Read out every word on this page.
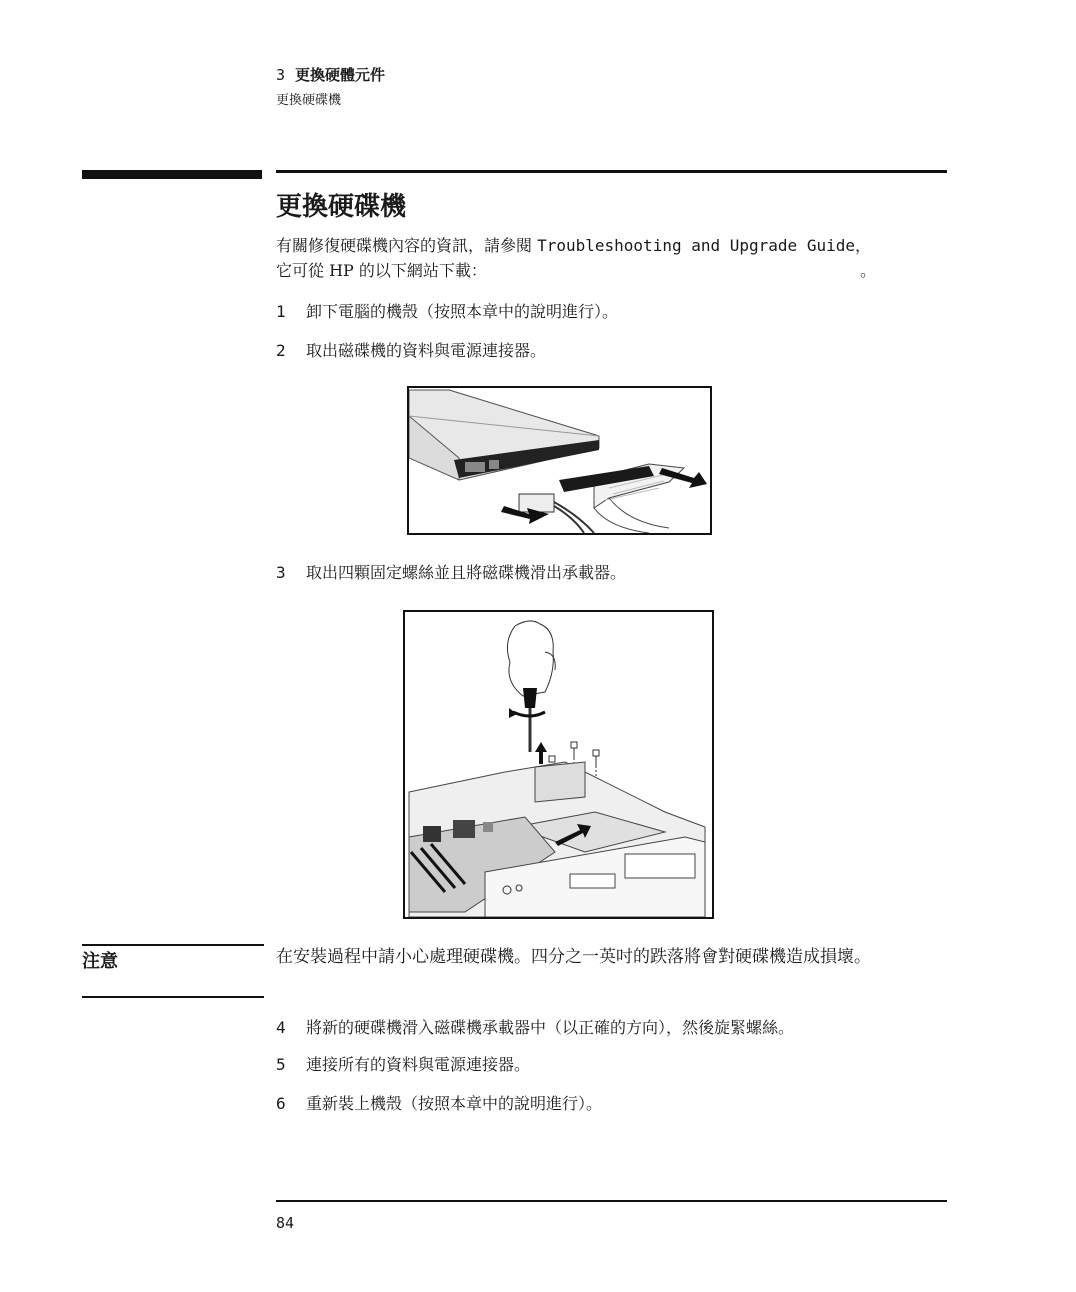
3 更換硬體元件
更換硬碟機
更換硬碟機
有關修復硬碟機內容的資訊，請參閱 Troubleshooting and Upgrade Guide，
它可從 HP 的以下網站下載：	。
1 卸下電腦的機殼（按照本章中的說明進行）。
2 取出磁碟機的資料與電源連接器。
3 取出四顆固定螺絲並且將磁碟機滑出承載器。
注意	在安裝過程中請小心處理硬碟機。四分之一英吋的跌落將會對硬碟機造成損壞。
4 將新的硬碟機滑入磁碟機承載器中（以正確的方向），然後旋緊螺絲。
5 連接所有的資料與電源連接器。
6 重新裝上機殼（按照本章中的說明進行）。
84
